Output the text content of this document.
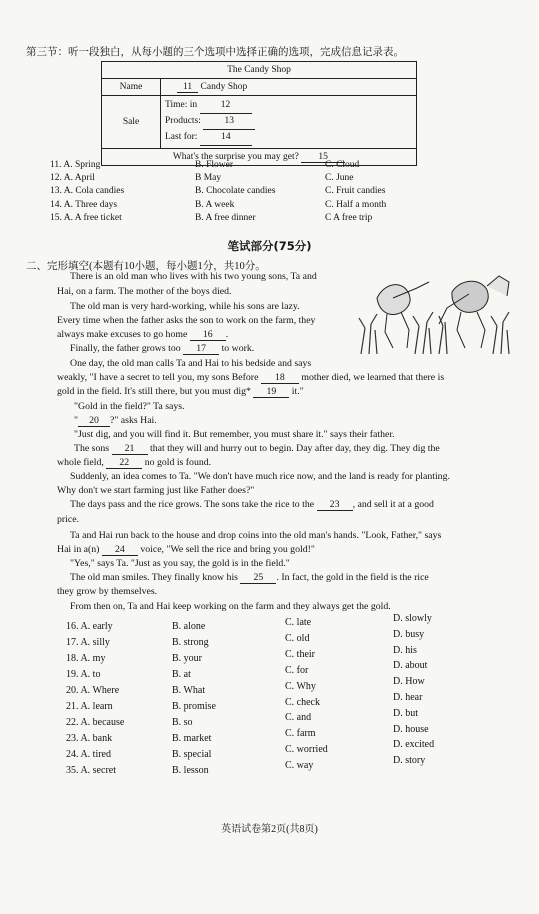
第三节：听一段独白，从每小题的三个选项中选择正确的选项，完成信息记录表。
The Candy Shop	
Name	11 Candy Shop
Sale	Time: in 12
Products: 13
Last for: 14

What's the surprise you may get? 15	
11. A. Spring	B. Flower	C. Cloud
12. A. April	B May	C. June
13. A. Cola candies	B. Chocolate candies	C. Fruit candies
14. A. Three days	B. A week	C. Half a month
15. A. A free ticket	B. A free dinner	C A free trip
笔试部分(75分)
二、完形填空(本题有10小题，每小题1分，共10分。
There is an old man who lives with his two young sons, Ta and
Hai, on a farm. The mother of the boys died.
The old man is very hard-working, while his sons are lazy.
Every time when the father asks the son to work on the farm, they
always make excuses to go home 16 .
Finally, the father grows too 17 to work.
One day, the old man calls Ta and Hai to his bedside and says
weakly, "I have a secret to tell you, my sons Before 18 mother died, we learned that there is
gold in the field. It's still there, but you must dig* 19 it."
"Gold in the field?" Ta says.
" 20 ?" asks Hai.
"Just dig, and you will find it. But remember, you must share it." says their father.
The sons 21 that they will and hurry out to begin. Day after day, they dig. They dig the
whole field, 22 no gold is found.
Suddenly, an idea comes to Ta. "We don't have much rice now, and the land is ready for planting.
Why don't we start farming just like Father does?"
The days pass and the rice grows. The sons take the rice to the 23 , and sell it at a good
price.
Ta and Hai run back to the house and drop coins into the old man's hands. "Look, Father," says
Hai in a(n) 24 voice, "We sell the rice and bring you gold!"
"Yes," says Ta. "Just as you say, the gold is in the field."
The old man smiles. They finally know his 25 . In fact, the gold in the field is the rice
they grow by themselves.
From then on, Ta and Hai keep working on the farm and they always get the gold.
16. A. early	B. alone	C. late	D. slowly
17. A. silly	B. strong	C. old	D. busy
18. A. my	B. your	C. their	D. his
19. A. to	B. at	C. for	D. about
20. A. Where	B. What	C. Why	D. How
21. A. learn	B. promise	C. check	D. hear
22. A. because	B. so	C. and	D. but
23. A. bank	B. market	C. farm	D. house
24. A. tired	B. special	C. worried	D. excited
35. A. secret	B. lesson	C. way	D. story
英语试卷第2页(共8页)
